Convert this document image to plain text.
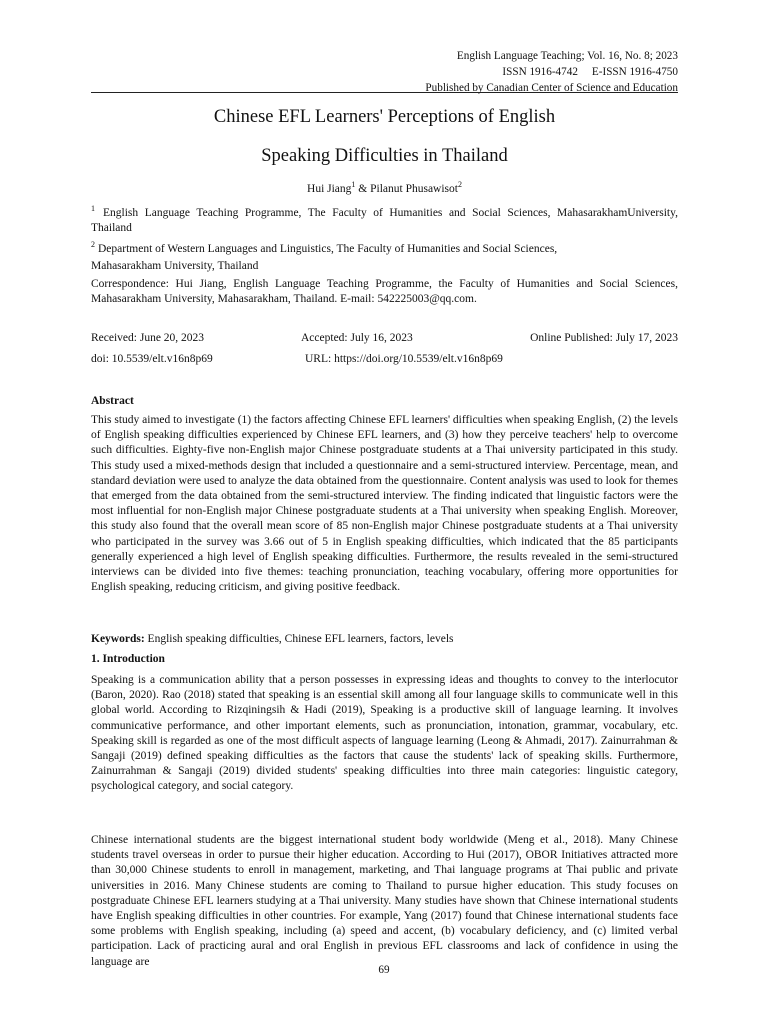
English Language Teaching; Vol. 16, No. 8; 2023
ISSN 1916-4742     E-ISSN 1916-4750
Published by Canadian Center of Science and Education
Chinese EFL Learners' Perceptions of English
Speaking Difficulties in Thailand
Hui Jiang$^1$ & Pilanut Phusawisot$^2$
$^1$ English Language Teaching Programme, The Faculty of Humanities and Social Sciences, MahasarakhamUniversity, Thailand
$^2$ Department of Western Languages and Linguistics, The Faculty of Humanities and Social Sciences,
Mahasarakham University, Thailand
Correspondence: Hui Jiang, English Language Teaching Programme, the Faculty of Humanities and Social Sciences, Mahasarakham University, Mahasarakham, Thailand. E-mail: 542225003@qq.com.
Received: June 20, 2023	Accepted: July 16, 2023	Online Published: July 17, 2023
doi: 10.5539/elt.v16n8p69	URL: https://doi.org/10.5539/elt.v16n8p69
Abstract
This study aimed to investigate (1) the factors affecting Chinese EFL learners' difficulties when speaking English, (2) the levels of English speaking difficulties experienced by Chinese EFL learners, and (3) how they perceive teachers' help to overcome such difficulties. Eighty-five non-English major Chinese postgraduate students at a Thai university participated in this study. This study used a mixed-methods design that included a questionnaire and a semi-structured interview. Percentage, mean, and standard deviation were used to analyze the data obtained from the questionnaire. Content analysis was used to look for themes that emerged from the data obtained from the semi-structured interview. The finding indicated that linguistic factors were the most influential for non-English major Chinese postgraduate students at a Thai university when speaking English. Moreover, this study also found that the overall mean score of 85 non-English major Chinese postgraduate students at a Thai university who participated in the survey was 3.66 out of 5 in English speaking difficulties, which indicated that the 85 participants generally experienced a high level of English speaking difficulties. Furthermore, the results revealed in the semi-structured interviews can be divided into five themes: teaching pronunciation, teaching vocabulary, offering more opportunities for English speaking, reducing criticism, and giving positive feedback.
Keywords: English speaking difficulties, Chinese EFL learners, factors, levels
1. Introduction
Speaking is a communication ability that a person possesses in expressing ideas and thoughts to convey to the interlocutor (Baron, 2020). Rao (2018) stated that speaking is an essential skill among all four language skills to communicate well in this global world. According to Rizqiningsih & Hadi (2019), Speaking is a productive skill of language learning. It involves communicative performance, and other important elements, such as pronunciation, intonation, grammar, vocabulary, etc. Speaking skill is regarded as one of the most difficult aspects of language learning (Leong & Ahmadi, 2017). Zainurrahman & Sangaji (2019) defined speaking difficulties as the factors that cause the students' lack of speaking skills. Furthermore, Zainurrahman & Sangaji (2019) divided students' speaking difficulties into three main categories: linguistic category, psychological category, and social category.
Chinese international students are the biggest international student body worldwide (Meng et al., 2018). Many Chinese students travel overseas in order to pursue their higher education. According to Hui (2017), OBOR Initiatives attracted more than 30,000 Chinese students to enroll in management, marketing, and Thai language programs at Thai public and private universities in 2016. Many Chinese students are coming to Thailand to pursue higher education. This study focuses on postgraduate Chinese EFL learners studying at a Thai university. Many studies have shown that Chinese international students have English speaking difficulties in other countries. For example, Yang (2017) found that Chinese international students face some problems with English speaking, including (a) speed and accent, (b) vocabulary deficiency, and (c) limited verbal participation. Lack of practicing aural and oral English in previous EFL classrooms and lack of confidence in using the language are
69
